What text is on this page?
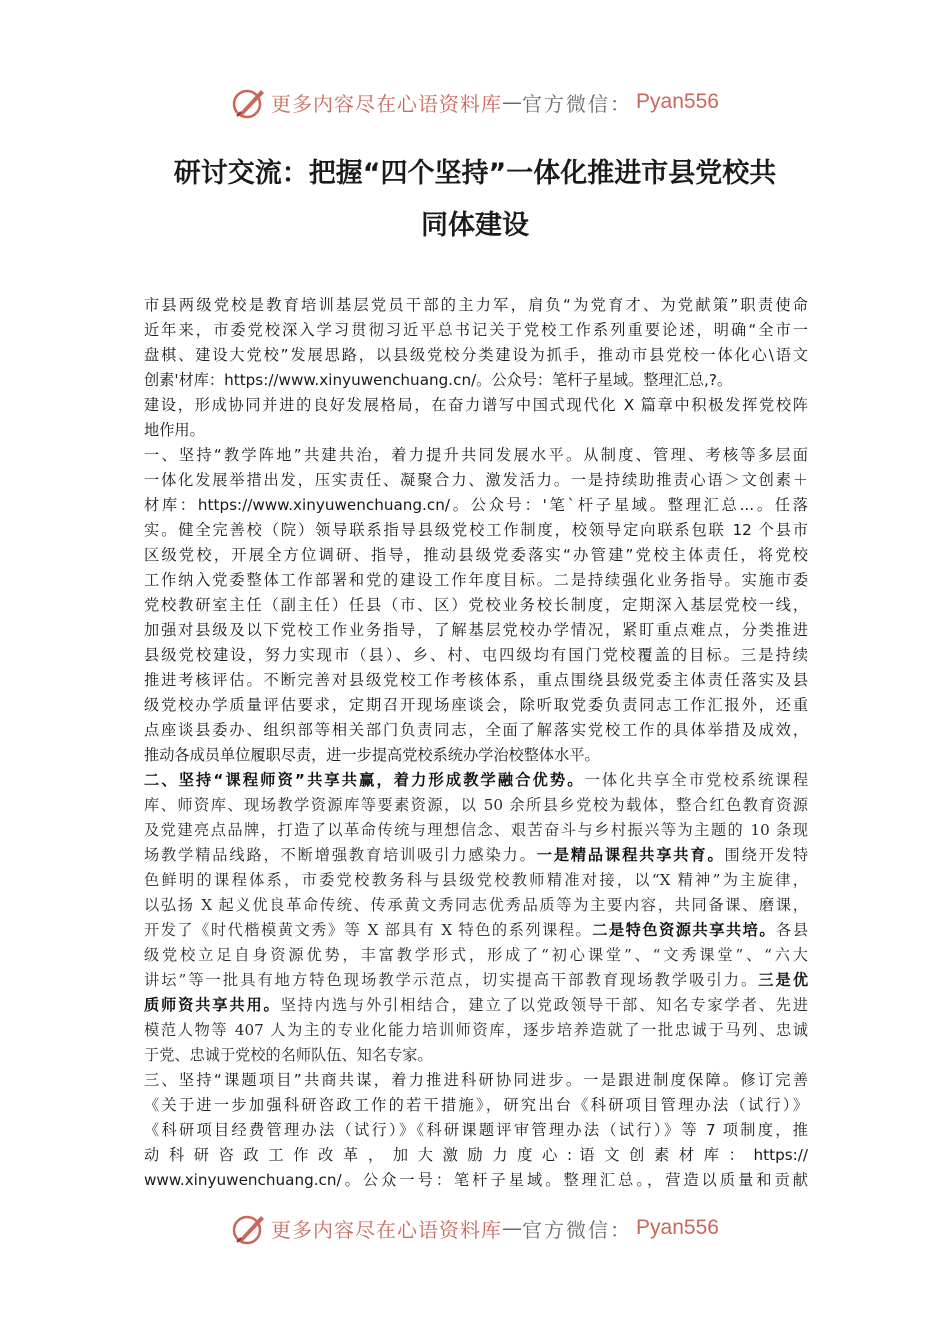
更多内容尽在心语资料库 — 官方微信： Pyan556
研讨交流：把握“四个坚持”一体化推进市县党校共
同体建设
市县两级党校是教育培训基层党员干部的主力军，肩负“为党育才、为党献策”职责使命
近年来，市委党校深入学习贯彻习近平总书记关于党校工作系列重要论述，明确“全市一
盘棋、建设大党校”发展思路，以县级党校分类建设为抓手，推动市县党校一体化心\语文
创素'材库：https://www.xinyuwenchuang.cn/。公众号：笔杆子星域。整理汇总,?。
建设，形成协同并进的良好发展格局，在奋力谱写中国式现代化 X 篇章中积极发挥党校阵
地作用。
一、坚持“教学阵地”共建共治，着力提升共同发展水平。从制度、管理、考核等多层面
一体化发展举措出发，压实责任、凝聚合力、激发活力。一是持续助推责心语＞文创素＋
材库：https://www.xinyuwenchuang.cn/。公众号：'笔`杆子星域。整理汇总...。任落
实。健全完善校（院）领导联系指导县级党校工作制度，校领导定向联系包联 12 个县市
区级党校，开展全方位调研、指导，推动县级党委落实“办管建”党校主体责任，将党校
工作纳入党委整体工作部署和党的建设工作年度目标。二是持续强化业务指导。实施市委
党校教研室主任（副主任）任县（市、区）党校业务校长制度，定期深入基层党校一线，
加强对县级及以下党校工作业务指导，了解基层党校办学情况，紧盯重点难点，分类推进
县级党校建设，努力实现市（县）、乡、村、屯四级均有国门党校覆盖的目标。三是持续
推进考核评估。不断完善对县级党校工作考核体系，重点围绕县级党委主体责任落实及县
级党校办学质量评估要求，定期召开现场座谈会，除听取党委负责同志工作汇报外，还重
点座谈县委办、组织部等相关部门负责同志，全面了解落实党校工作的具体举措及成效，
推动各成员单位履职尽责，进一步提高党校系统办学治校整体水平。
二、坚持“课程师资”共享共赢，着力形成教学融合优势。一体化共享全市党校系统课程
库、师资库、现场教学资源库等要素资源，以 50 余所县乡党校为载体，整合红色教育资源
及党建亮点品牌，打造了以革命传统与理想信念、艰苦奋斗与乡村振兴等为主题的 10 条现
场教学精品线路，不断增强教育培训吸引力感染力。一是精品课程共享共育。围绕开发特
色鲜明的课程体系，市委党校教务科与县级党校教师精准对接，以“X 精神”为主旋律，
以弘扬 X 起义优良革命传统、传承黄文秀同志优秀品质等为主要内容，共同备课、磨课，
开发了《时代楷模黄文秀》等 X 部具有 X 特色的系列课程。二是特色资源共享共培。各县
级党校立足自身资源优势，丰富教学形式，形成了“初心课堂”、“文秀课堂”、“六大
讲坛”等一批具有地方特色现场教学示范点，切实提高干部教育现场教学吸引力。三是优
质师资共享共用。坚持内选与外引相结合，建立了以党政领导干部、知名专家学者、先进
模范人物等 407 人为主的专业化能力培训师资库，逐步培养造就了一批忠诚于马列、忠诚
于党、忠诚于党校的名师队伍、知名专家。
三、坚持“课题项目”共商共谋，着力推进科研协同进步。一是跟进制度保障。修订完善
《关于进一步加强科研咨政工作的若干措施》，研究出台《科研项目管理办法（试行）》
《科研项目经费管理办法（试行）》《科研课题评审管理办法（试行）》等 7 项制度，推
动 科 研 咨 政 工 作 改 革 ， 加 大 激 励 力 度 心 : 语 文 创 素 材 库 ： https://
www.xinyuwenchuang.cn/。公众一号：笔杆子星域。整理汇总。，营造以质量和贡献
更多内容尽在心语资料库 — 官方微信： Pyan556
